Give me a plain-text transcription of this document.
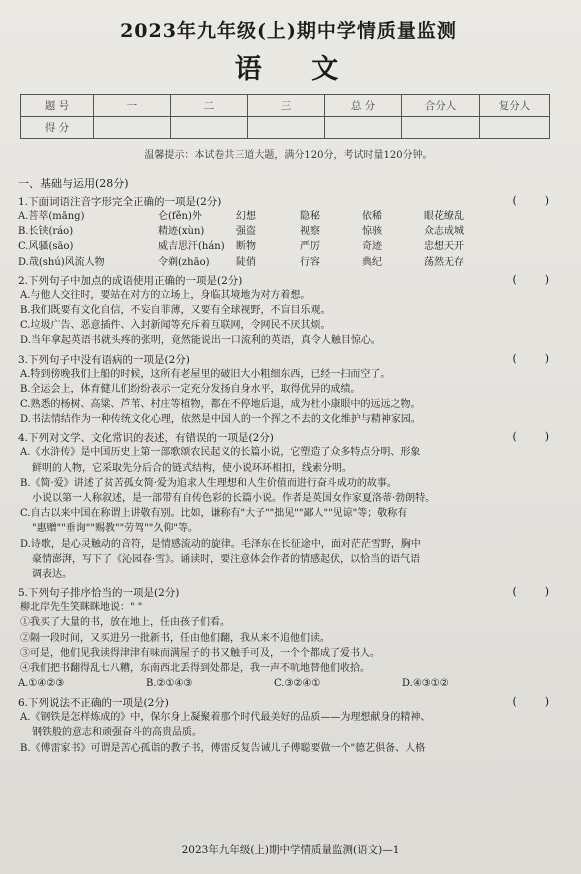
2023年九年级(上)期中学情质量监测
语 文
题 号	一	二	三	总 分	合分人	复分人
得 分						
温馨提示：本试卷共三道大题，满分120分，考试时量120分钟。
一、基础与运用(28分)
1.下面词语注音字形完全正确的一项是(2分)	(        )
A.菩萃(māng)	仑(fěn)外	幻想	隐秘	依稀	眼花缭乱
B.长铗(ráo)	精迹(xùn)	强盗	视察	惊骇	众志成城
C.风骚(sāo)	威吉思汗(hán)	断物	严厉	奇迹	忠想天开
D.哉(shú)风流人物	令剃(zhāo)	陡俏	行容	典纪	荡然无存
2.下列句子中加点的成语使用正确的一项是(2分)	(        )
A.与他人交往时，要站在对方的立场上，身临其境地为对方着想。
B.我们既要有文化自信，不妄自菲薄，又要有全球视野，不盲目乐观。
C.垃圾广告、恶意插件、入封新闻等充斥着互联网，令网民不厌其烦。
D.当年拿起英语书就头疼的张明，竟然能说出一口流利的英语，真令人触目惊心。
3.下列句子中没有语病的一项是(2分)	(        )
A.特到傍晚我们上船的时候，这所有老屋里的破旧大小粗细东西，已经一扫而空了。
B.全运会上，体育健儿们纷纷表示一定充分发扬自身水平，取得优异的成绩。
C.熟悉的杨树、高粱、芦苇、村庄等植物，都在不停地后退，成为杜小康眼中的远远之物。
D.书法情结作为一种传统文化心理，依然是中国人的一个挥之不去的文化维护与精神家园。
4.下列对文学、文化常识的表述，有错误的一项是(2分)	(        )
A.《水浒传》是中国历史上第一部歌颂农民起义的长篇小说，它塑造了众多特点分明、形象
鲜明的人物，它采取先分后合的链式结构，使小说环环相扣，线索分明。
B.《简·爱》讲述了贫苦孤女简·爱为追求人生理想和人生价值而进行奋斗成功的故事。
小说以第一人称叙述，是一部带有自传色彩的长篇小说。作者是英国女作家夏洛蒂·勃朗特。
C.自古以来中国在称谓上讲敬有别。比如，谦称有"大子""拙见""鄙人""见谅"等；敬称有
"惠赠""垂询""赐教""劳驾""久仰"等。
D.诗歌，是心灵触动的音符，是情感流动的旋律。毛泽东在长征途中，面对茫茫雪野，胸中
豪情澎湃，写下了《沁园春·雪》。诵读时，要注意体会作者的情感起伏，以恰当的语气语
调表达。
5.下列句子排序恰当的一项是(2分)	(        )
柳北岸先生笑眯眯地说：" "
①我买了大量的书，放在地上，任由孩子们看。
②隔一段时间，又买进另一批新书，任由他们翻，我从来不追他们读。
③可是，他们见我读得津津有味而满屋子的书又触手可及，一个个都成了爱书人。
④我们把书翻得乱七八糟，东南西北丢得到处都是，我一声不吭地替他们收拾。
A.①④②③	B.②①④③	C.③②④①	D.④③①②
6.下列说法不正确的一项是(2分)	(        )
A.《钢铁是怎样炼成的》中，保尔身上凝聚着那个时代最美好的品质——为理想献身的精神、
钢铁般的意志和顽强奋斗的高贵品质。
B.《傅雷家书》可谓是苦心孤诣的教子书，傅雷反复告诫儿子傅聪要做一个"德艺俱备、人格
2023年九年级(上)期中学情质量监测(语文)—1
